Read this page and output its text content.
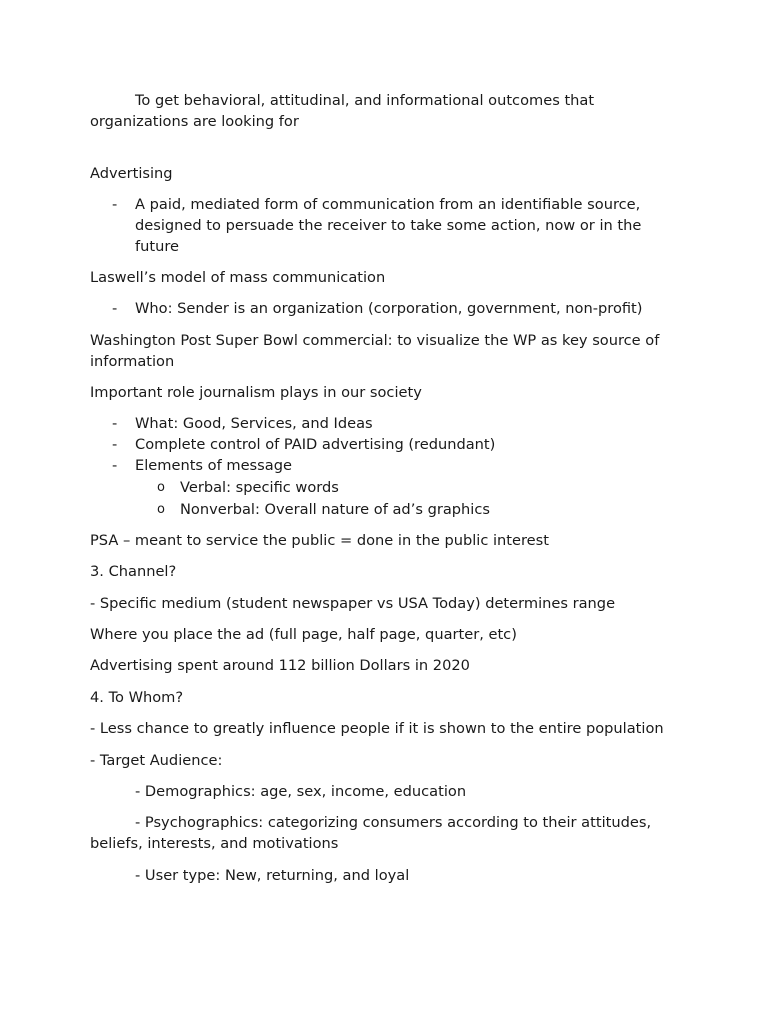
To get behavioral, attitudinal, and informational outcomes that organizations are looking for

Advertising

- A paid, mediated form of communication from an identifiable source, designed to persuade the receiver to take some action, now or in the future

Laswell’s model of mass communication

- Who: Sender is an organization (corporation, government, non-profit)

Washington Post Super Bowl commercial: to visualize the WP as key source of information

Important role journalism plays in our society

- What: Good, Services, and Ideas
- Complete control of PAID advertising (redundant)
- Elements of message
o Verbal: specific words
o Nonverbal: Overall nature of ad’s graphics

PSA – meant to service the public = done in the public interest

3. Channel?

- Specific medium (student newspaper vs USA Today) determines range

Where you place the ad (full page, half page, quarter, etc)

Advertising spent around 112 billion Dollars in 2020

4. To Whom?

- Less chance to greatly influence people if it is shown to the entire population

- Target Audience:

- Demographics: age, sex, income, education

- Psychographics: categorizing consumers according to their attitudes, beliefs, interests, and motivations

- User type: New, returning, and loyal
